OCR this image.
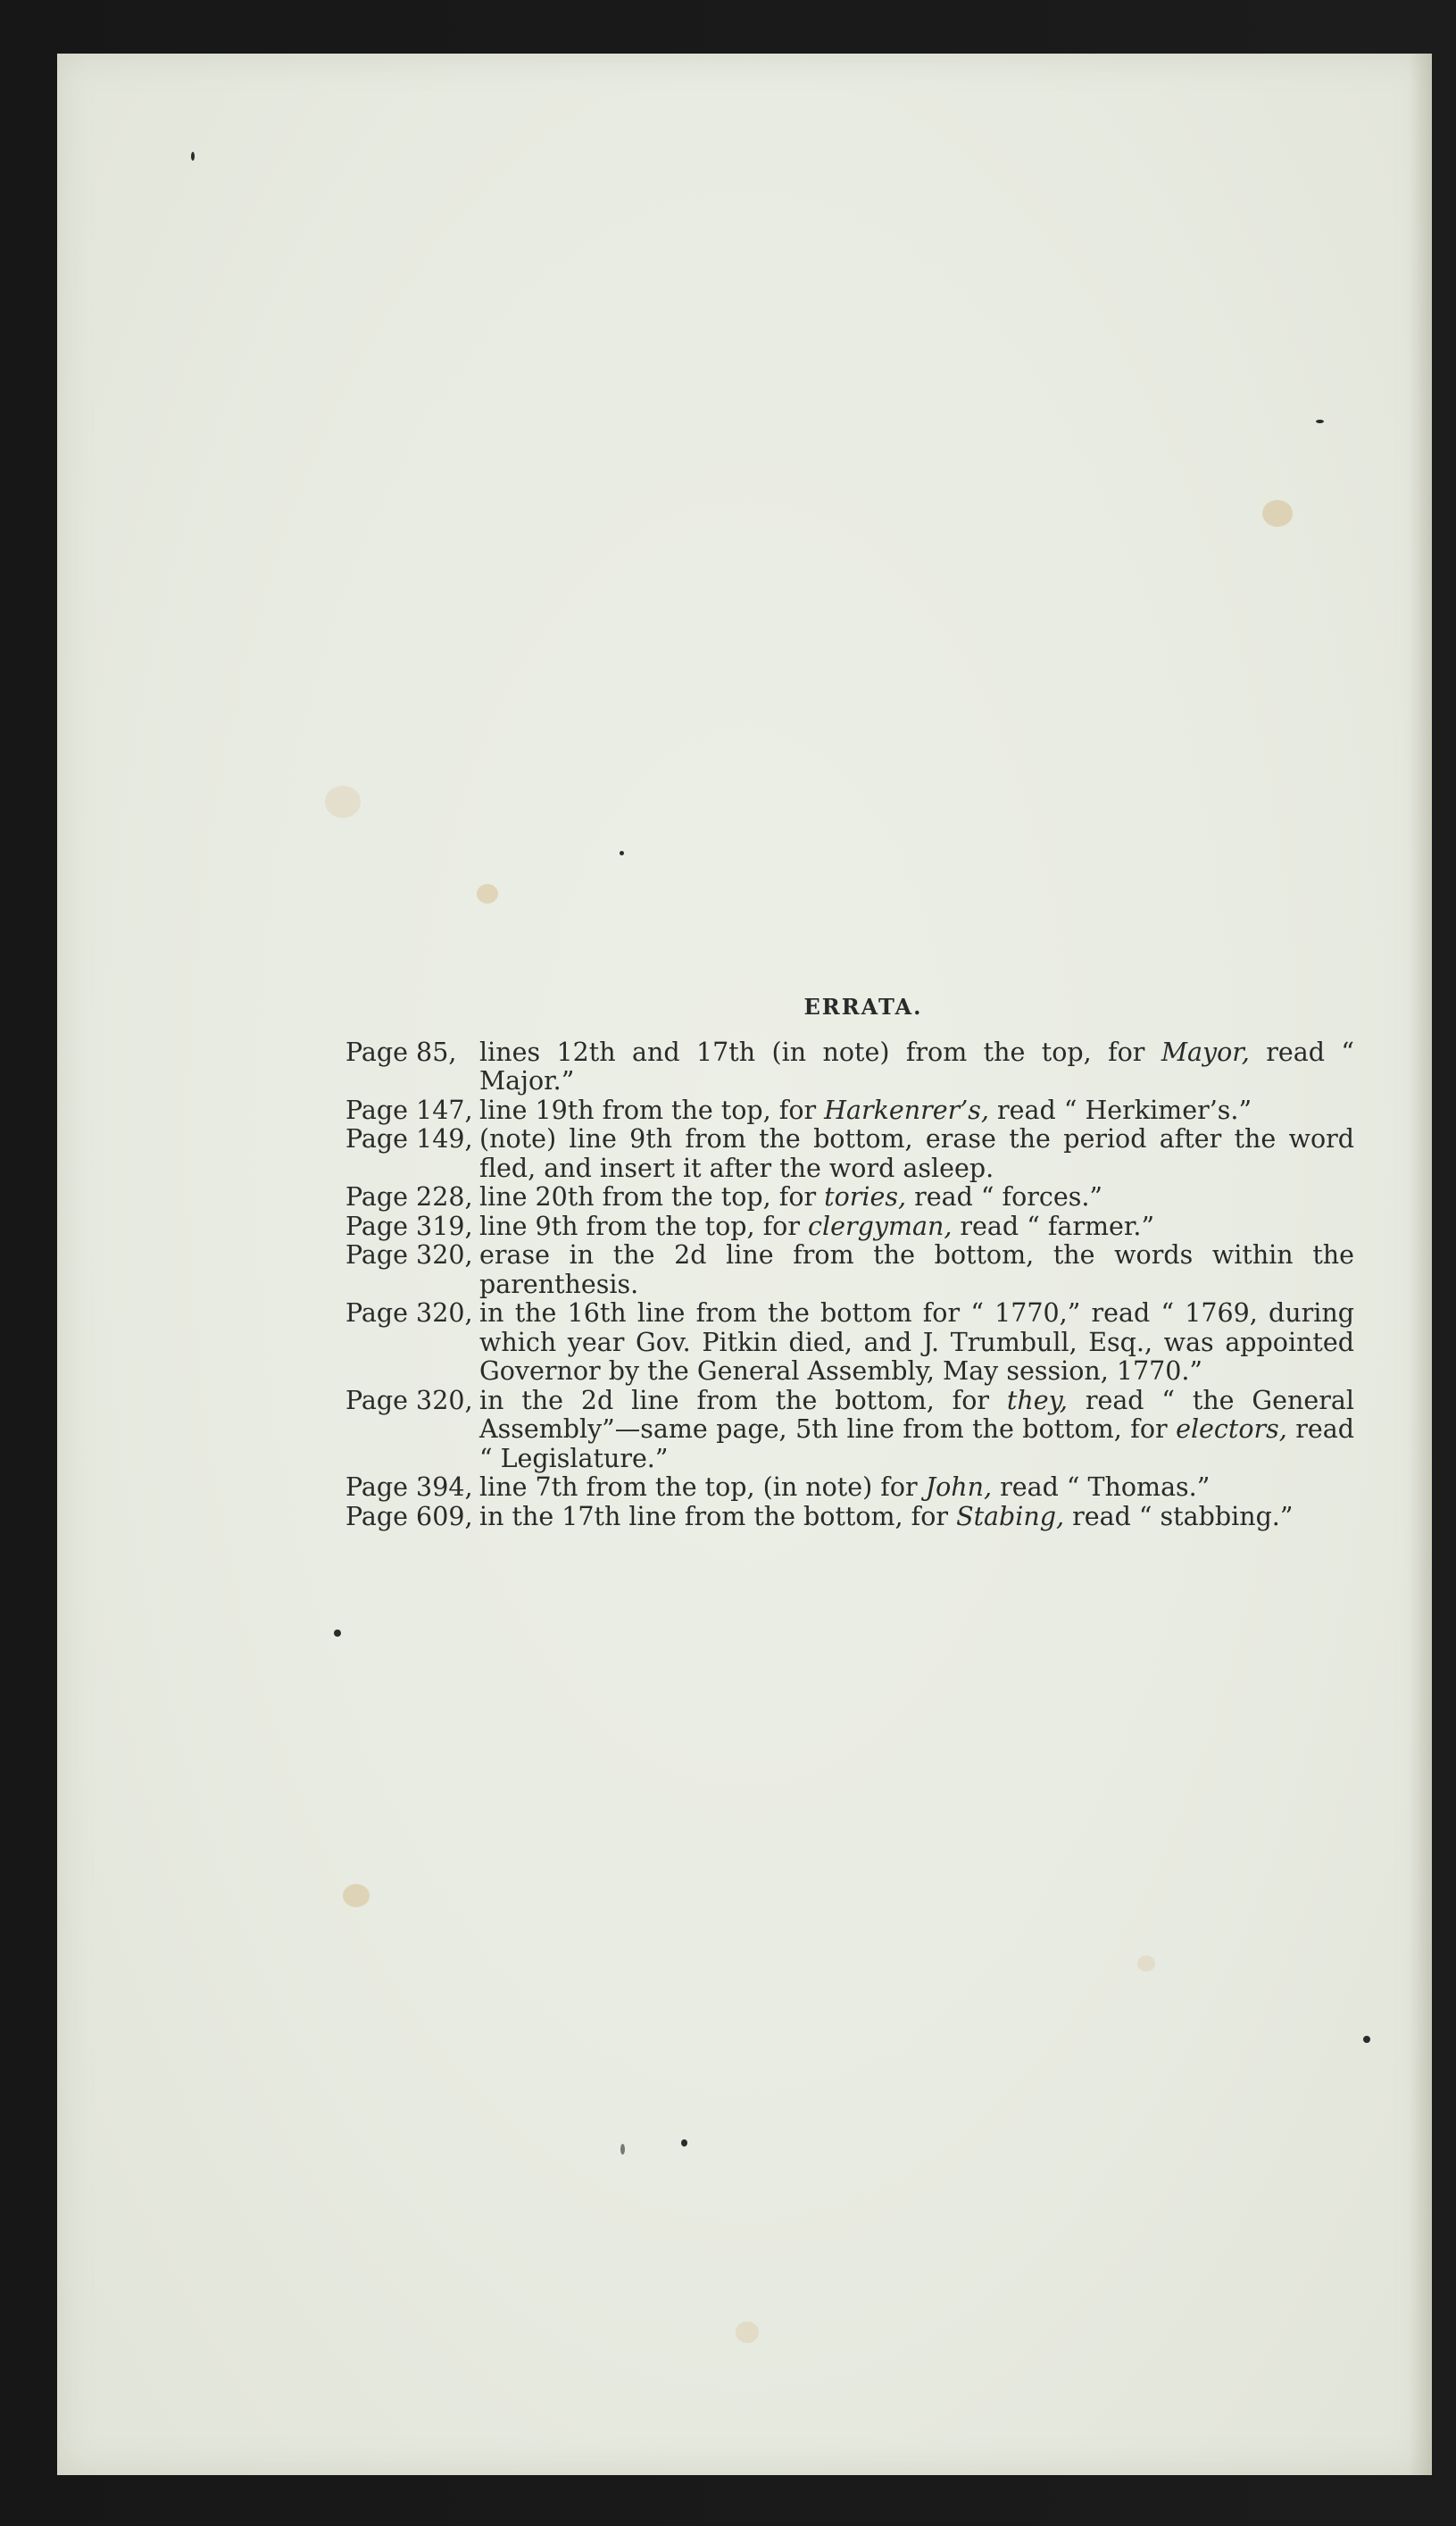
ERRATA.
Page 85, lines 12th and 17th (in note) from the top, for Mayor, read “ Major.”
Page 147, line 19th from the top, for Harkenrer’s, read “ Herkimer’s.”
Page 149, (note) line 9th from the bottom, erase the period after the word fled, and insert it after the word asleep.
Page 228, line 20th from the top, for tories, read “ forces.”
Page 319, line 9th from the top, for clergyman, read “ farmer.”
Page 320, erase in the 2d line from the bottom, the words within the parenthesis.
Page 320, in the 16th line from the bottom for “ 1770,” read “ 1769, during which year Gov. Pitkin died, and J. Trumbull, Esq., was appointed Governor by the General Assembly, May session, 1770.”
Page 320, in the 2d line from the bottom, for they, read “ the General Assembly”—same page, 5th line from the bottom, for electors, read “ Legislature.”
Page 394, line 7th from the top, (in note) for John, read “ Thomas.”
Page 609, in the 17th line from the bottom, for Stabing, read “ stabbing.”
